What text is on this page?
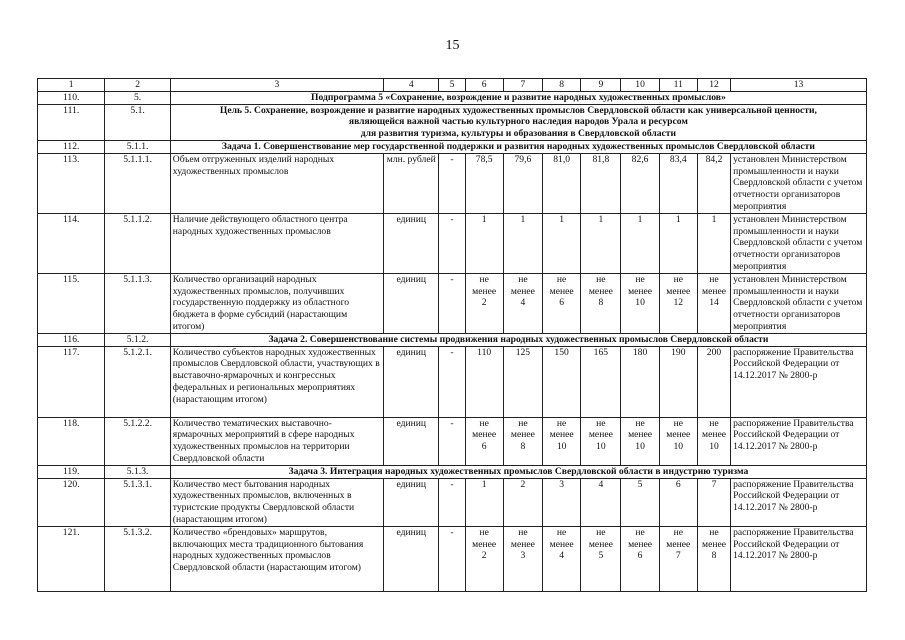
15
1	2	3	4	5	6	7	8	9	10	11	12	13
110.	5.	Подпрограмма 5 «Сохранение, возрождение и развитие народных художественных промыслов»										
111.	5.1.	Цель 5. Сохранение, возрождение и развитие народных художественных промыслов Свердловской области как универсальной ценности,
являющейся важной частью культурного наследия народов Урала и ресурсом
для развития туризма, культуры и образования в Свердловской области										

112.	5.1.1.	Задача 1. Совершенствование мер государственной поддержки и развития народных художественных промыслов Свердловской области										
113.	5.1.1.1.	Объем отгруженных изделий народных художественных промыслов	млн. рублей	-	78,5	79,6	81,0	81,8	82,6	83,4	84,2	установлен Министерством промышленности и науки Свердловской области с учетом отчетности организаторов мероприятия
114.	5.1.1.2.	Наличие действующего областного центра народных художественных промыслов	единиц	-	1	1	1	1	1	1	1	установлен Министерством промышленности и науки Свердловской области с учетом отчетности организаторов мероприятия
115.	5.1.1.3.	Количество организаций народных художественных промыслов, получивших государственную поддержку из областного бюджета в форме субсидий (нарастающим итогом)	единиц	-	не
менее
2	не
менее
4	не
менее
6	не
менее
8	не
менее
10	не
менее
12	не
менее
14	установлен Министерством промышленности и науки Свердловской области с учетом отчетности организаторов мероприятия
116.	5.1.2.	Задача 2. Совершенствование системы продвижения народных художественных промыслов Свердловской области										
117.	5.1.2.1.	Количество субъектов народных художественных промыслов Свердловской области, участвующих в выставочно-ярмарочных и конгрессных федеральных и региональных мероприятиях (нарастающим итогом)	единиц	-	110	125	150	165	180	190	200	распоряжение Правительства Российской Федерации от 14.12.2017 № 2800-р
118.	5.1.2.2.	Количество тематических выставочно-ярмарочных мероприятий в сфере народных художественных промыслов на территории Свердловской области	единиц	-	не
менее
6	не
менее
8	не
менее
10	не
менее
10	не
менее
10	не
менее
10	не
менее
10	распоряжение Правительства Российской Федерации от 14.12.2017 № 2800-р
119.	5.1.3.	Задача 3. Интеграция народных художественных промыслов Свердловской области в индустрию туризма										
120.	5.1.3.1.	Количество мест бытования народных художественных промыслов, включенных в туристские продукты Свердловской области (нарастающим итогом)	единиц	-	1	2	3	4	5	6	7	распоряжение Правительства Российской Федерации от 14.12.2017 № 2800-р
121.	5.1.3.2.	Количество «брендовых» маршрутов, включающих места традиционного бытования народных художественных промыслов Свердловской области (нарастающим итогом)	единиц	-	не
менее
2	не
менее
3	не
менее
4	не
менее
5	не
менее
6	не
менее
7	не
менее
8	распоряжение Правительства Российской Федерации от 14.12.2017 № 2800-р
